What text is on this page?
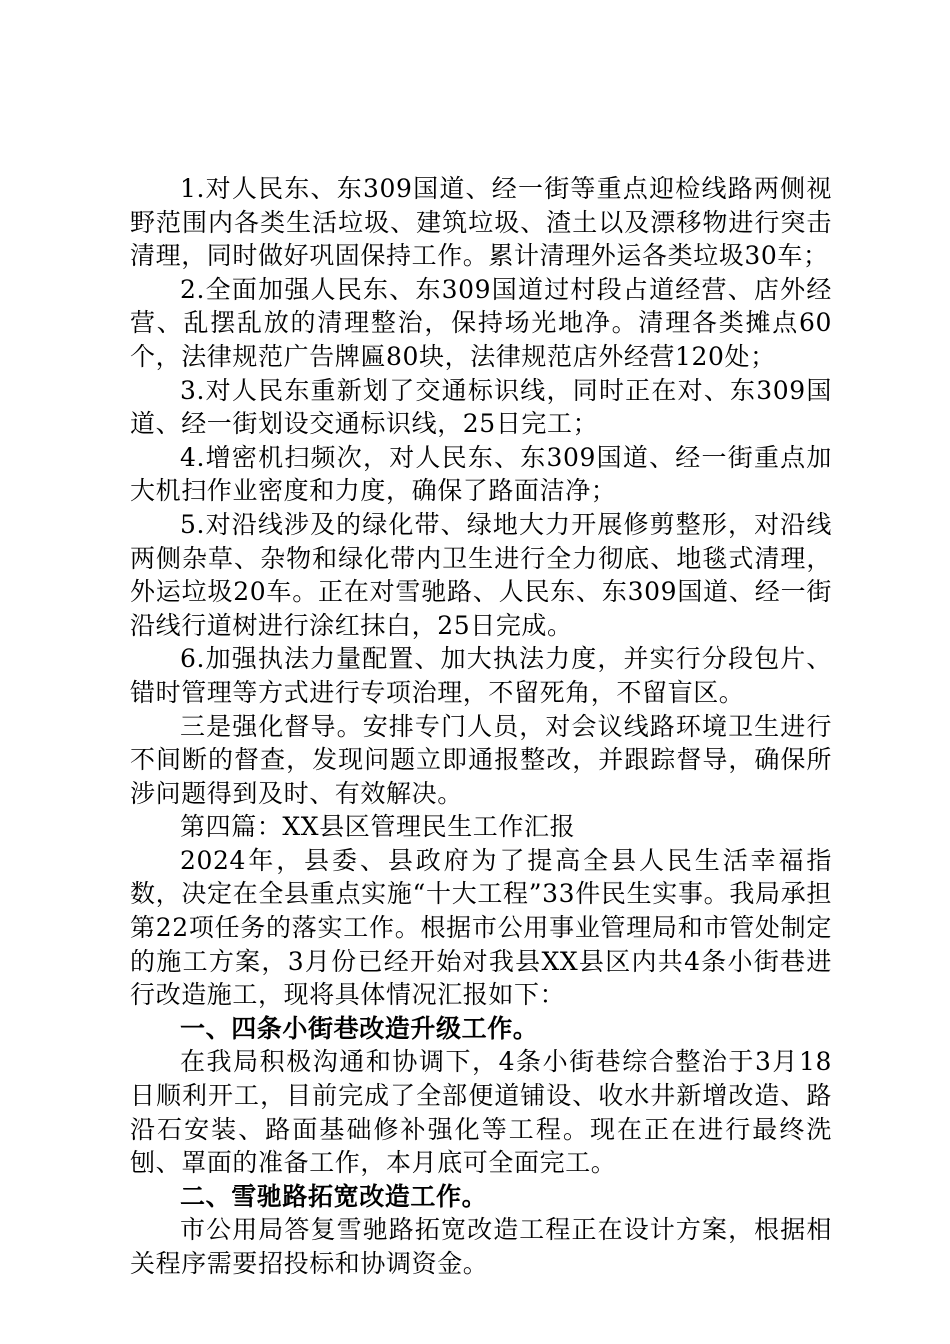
1.对人民东、东309国道、经一街等重点迎检线路两侧视野范围内各类生活垃圾、建筑垃圾、渣土以及漂移物进行突击清理，同时做好巩固保持工作。累计清理外运各类垃圾30车；

2.全面加强人民东、东309国道过村段占道经营、店外经营、乱摆乱放的清理整治，保持场光地净。清理各类摊点60个，法律规范广告牌匾80块，法律规范店外经营120处；

3.对人民东重新划了交通标识线，同时正在对、东309国道、经一街划设交通标识线，25日完工；

4.增密机扫频次，对人民东、东309国道、经一街重点加大机扫作业密度和力度，确保了路面洁净；

5.对沿线涉及的绿化带、绿地大力开展修剪整形，对沿线两侧杂草、杂物和绿化带内卫生进行全力彻底、地毯式清理，外运垃圾20车。正在对雪驰路、人民东、东309国道、经一街沿线行道树进行涂红抹白，25日完成。

6.加强执法力量配置、加大执法力度，并实行分段包片、错时管理等方式进行专项治理，不留死角，不留盲区。

三是强化督导。安排专门人员，对会议线路环境卫生进行不间断的督查，发现问题立即通报整改，并跟踪督导，确保所涉问题得到及时、有效解决。

第四篇：XX县区管理民生工作汇报

2024年，县委、县政府为了提高全县人民生活幸福指数，决定在全县重点实施“十大工程”33件民生实事。我局承担第22项任务的落实工作。根据市公用事业管理局和市管处制定的施工方案，3月份已经开始对我县XX县区内共4条小街巷进行改造施工，现将具体情况汇报如下：

一、四条小街巷改造升级工作。

在我局积极沟通和协调下，4条小街巷综合整治于3月18日顺利开工，目前完成了全部便道铺设、收水井新增改造、路沿石安装、路面基础修补强化等工程。现在正在进行最终洗刨、罩面的准备工作，本月底可全面完工。

二、雪驰路拓宽改造工作。

市公用局答复雪驰路拓宽改造工程正在设计方案，根据相关程序需要招投标和协调资金。
